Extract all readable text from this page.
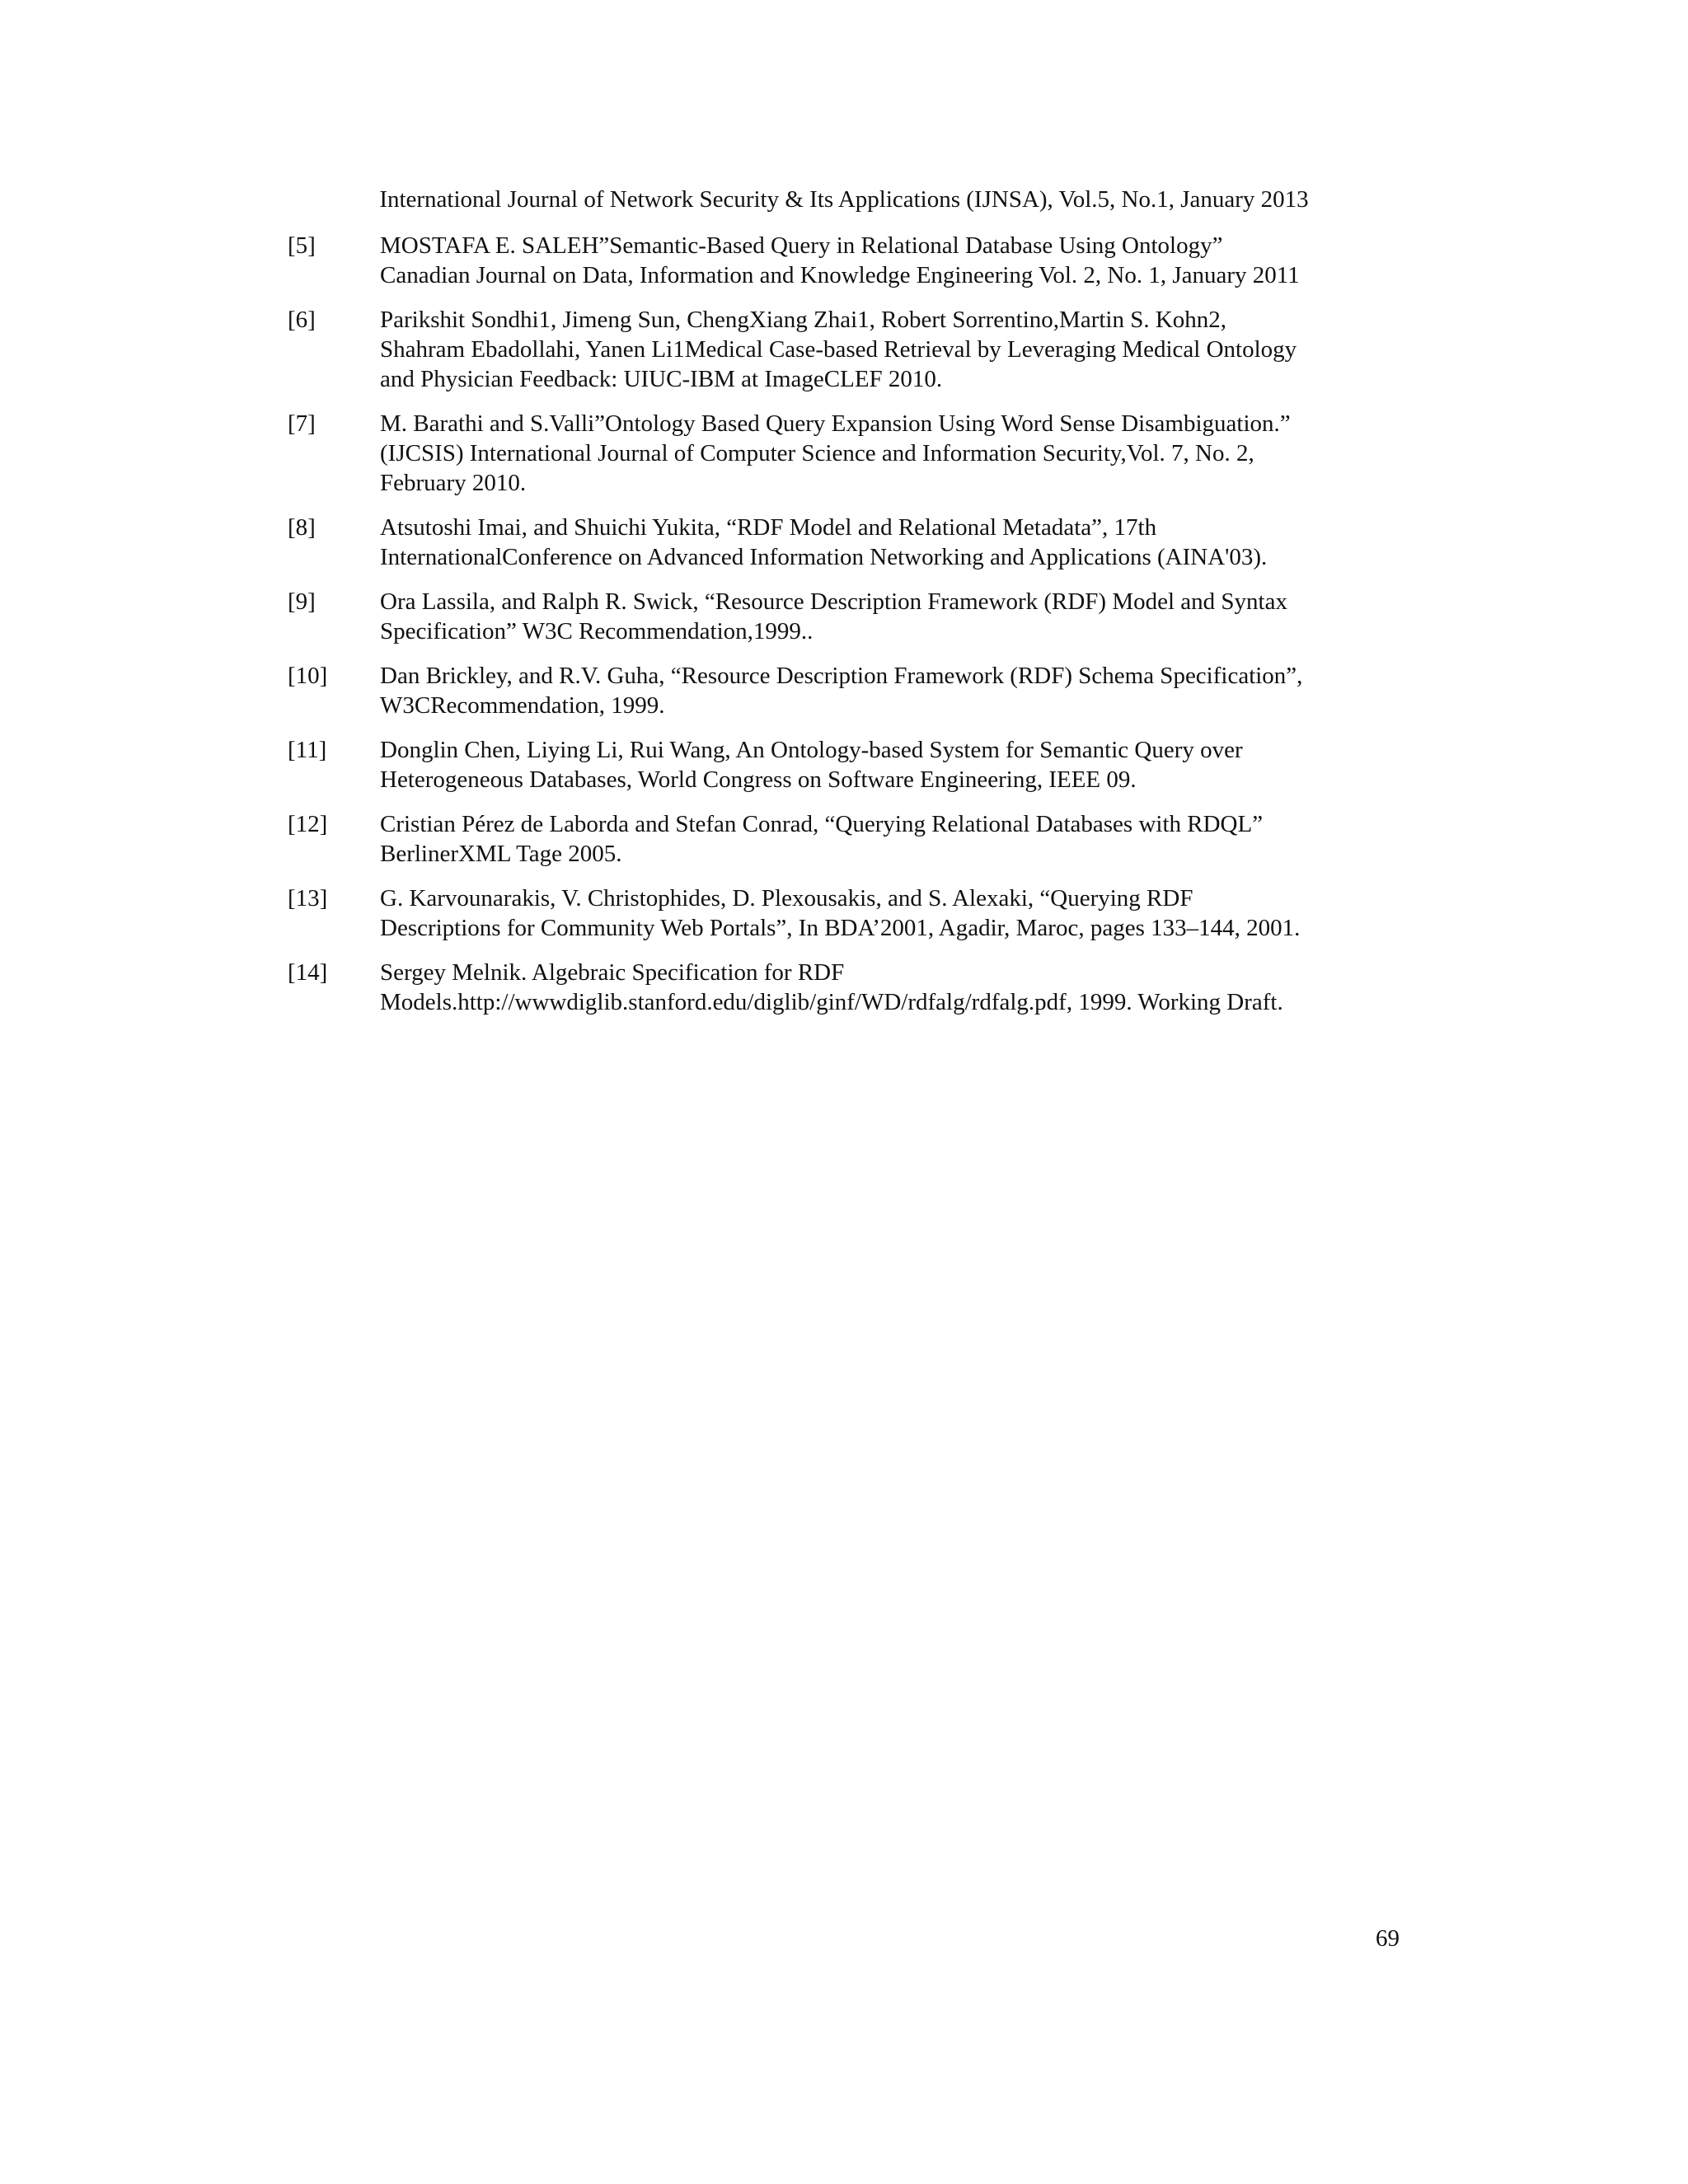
International Journal of Network Security & Its Applications (IJNSA), Vol.5, No.1, January 2013
[5]	MOSTAFA E. SALEH”Semantic-Based Query in Relational Database Using Ontology”
Canadian Journal on Data, Information and Knowledge Engineering Vol. 2, No. 1, January 2011
[6]	Parikshit Sondhi1, Jimeng Sun, ChengXiang Zhai1, Robert Sorrentino,Martin S. Kohn2,
Shahram Ebadollahi, Yanen Li1Medical Case-based Retrieval by Leveraging Medical Ontology
and Physician Feedback: UIUC-IBM at ImageCLEF 2010.
[7]	M. Barathi and S.Valli”Ontology Based Query Expansion Using Word Sense Disambiguation.”
(IJCSIS) International Journal of Computer Science and Information Security,Vol. 7, No. 2,
February 2010.
[8]	Atsutoshi Imai, and Shuichi Yukita, “RDF Model and Relational Metadata”, 17th
InternationalConference on Advanced Information Networking and Applications (AINA'03).
[9]	Ora Lassila, and Ralph R. Swick, “Resource Description Framework (RDF) Model and Syntax
Specification” W3C Recommendation,1999..
[10] Dan Brickley, and R.V. Guha, “Resource Description Framework (RDF) Schema Specification”,
W3CRecommendation, 1999.
[11] Donglin Chen, Liying Li, Rui Wang, An Ontology-based System for Semantic Query over
Heterogeneous Databases, World Congress on Software Engineering, IEEE 09.
[12] Cristian Pérez de Laborda and Stefan Conrad, “Querying Relational Databases with RDQL”
BerlinerXML Tage 2005.
[13] G. Karvounarakis, V. Christophides, D. Plexousakis, and S. Alexaki, “Querying RDF
Descriptions for Community Web Portals”, In BDA’2001, Agadir, Maroc, pages 133–144, 2001.
[14] Sergey Melnik. Algebraic Specification for RDF
Models.http://wwwdiglib.stanford.edu/diglib/ginf/WD/rdfalg/rdfalg.pdf, 1999. Working Draft.
69
